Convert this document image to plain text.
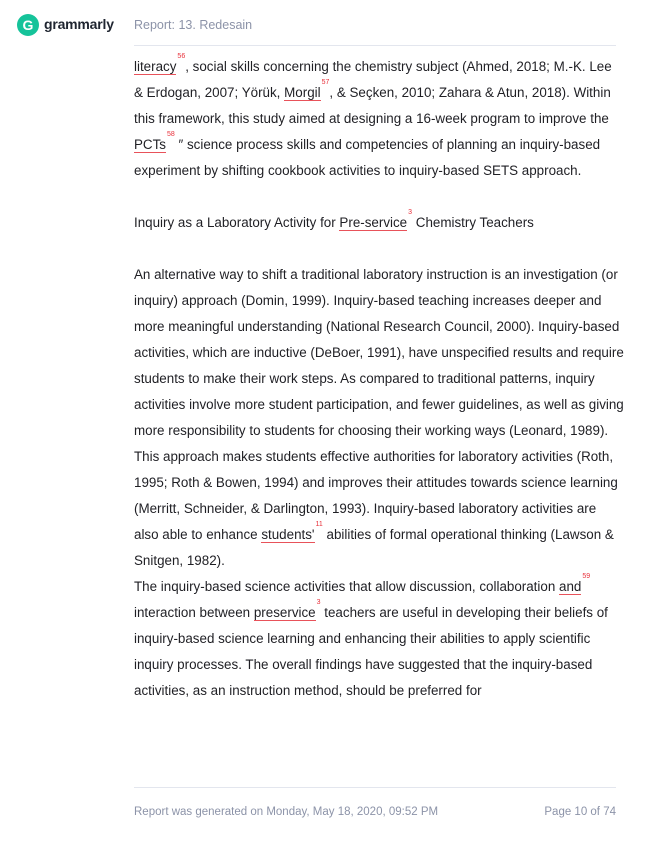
G grammarly Report: 13. Redesain

literacy$^{56}$, social skills concerning the chemistry subject (Ahmed, 2018; M.-K. Lee & Erdogan, 2007; Yörük, Morgil$^{57}$, & Seçken, 2010; Zahara & Atun, 2018). Within this framework, this study aimed at designing a 16-week program to improve the PCTs$^{58}$ ″ science process skills and competencies of planning an inquiry-based experiment by shifting cookbook activities to inquiry-based SETS approach.

Inquiry as a Laboratory Activity for Pre-service$^3$ Chemistry Teachers

An alternative way to shift a traditional laboratory instruction is an investigation (or inquiry) approach (Domin, 1999). Inquiry-based teaching increases deeper and more meaningful understanding (National Research Council, 2000). Inquiry-based activities, which are inductive (DeBoer, 1991), have unspecified results and require students to make their work steps. As compared to traditional patterns, inquiry activities involve more student participation, and fewer guidelines, as well as giving more responsibility to students for choosing their working ways (Leonard, 1989). This approach makes students effective authorities for laboratory activities (Roth, 1995; Roth & Bowen, 1994) and improves their attitudes towards science learning (Merritt, Schneider, & Darlington, 1993). Inquiry-based laboratory activities are also able to enhance $students'^{11}$ abilities of formal operational thinking (Lawson & Snitgen, 1982).

The inquiry-based science activities that allow discussion, collaboration and$^{59}$ interaction between preservice$^3$ teachers are useful in developing their beliefs of inquiry-based science learning and enhancing their abilities to apply scientific inquiry processes. The overall findings have suggested that the inquiry-based activities, as an instruction method, should be preferred for

Report was generated on Monday, May 18, 2020, 09:52 PM	Page 10 of 74
